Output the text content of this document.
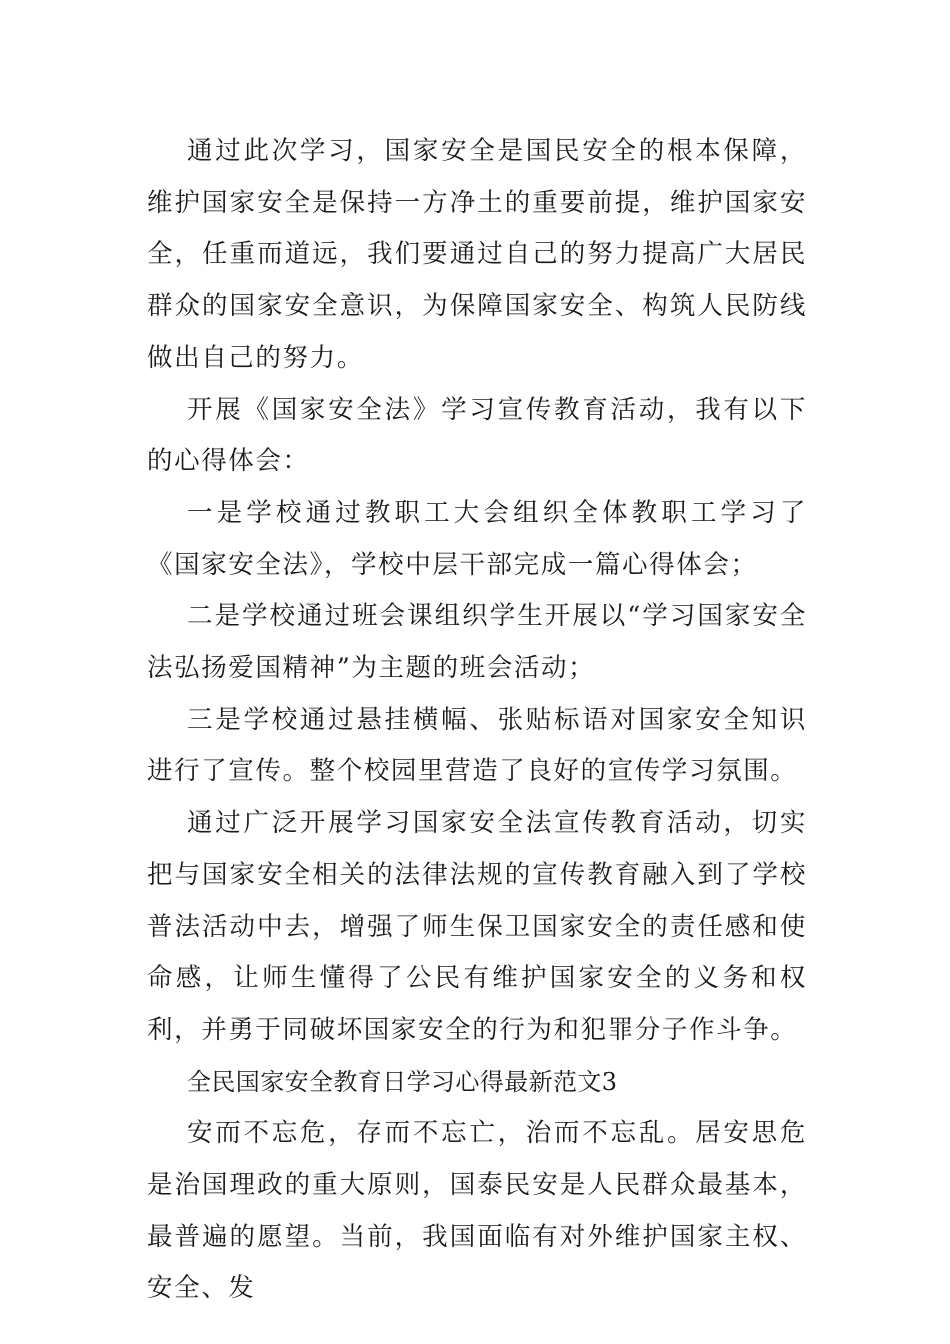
通过此次学习，国家安全是国民安全的根本保障，维护国家安全是保持一方净土的重要前提，维护国家安全，任重而道远，我们要通过自己的努力提高广大居民群众的国家安全意识，为保障国家安全、构筑人民防线做出自己的努力。

开展《国家安全法》学习宣传教育活动，我有以下的心得体会：

一是学校通过教职工大会组织全体教职工学习了《国家安全法》，学校中层干部完成一篇心得体会；

二是学校通过班会课组织学生开展以“学习国家安全法弘扬爱国精神”为主题的班会活动；

三是学校通过悬挂横幅、张贴标语对国家安全知识进行了宣传。整个校园里营造了良好的宣传学习氛围。

通过广泛开展学习国家安全法宣传教育活动，切实把与国家安全相关的法律法规的宣传教育融入到了学校普法活动中去，增强了师生保卫国家安全的责任感和使命感，让师生懂得了公民有维护国家安全的义务和权利，并勇于同破坏国家安全的行为和犯罪分子作斗争。

全民国家安全教育日学习心得最新范文3

安而不忘危，存而不忘亡，治而不忘乱。居安思危是治国理政的重大原则，国泰民安是人民群众最基本，最普遍的愿望。当前，我国面临有对外维护国家主权、安全、发
